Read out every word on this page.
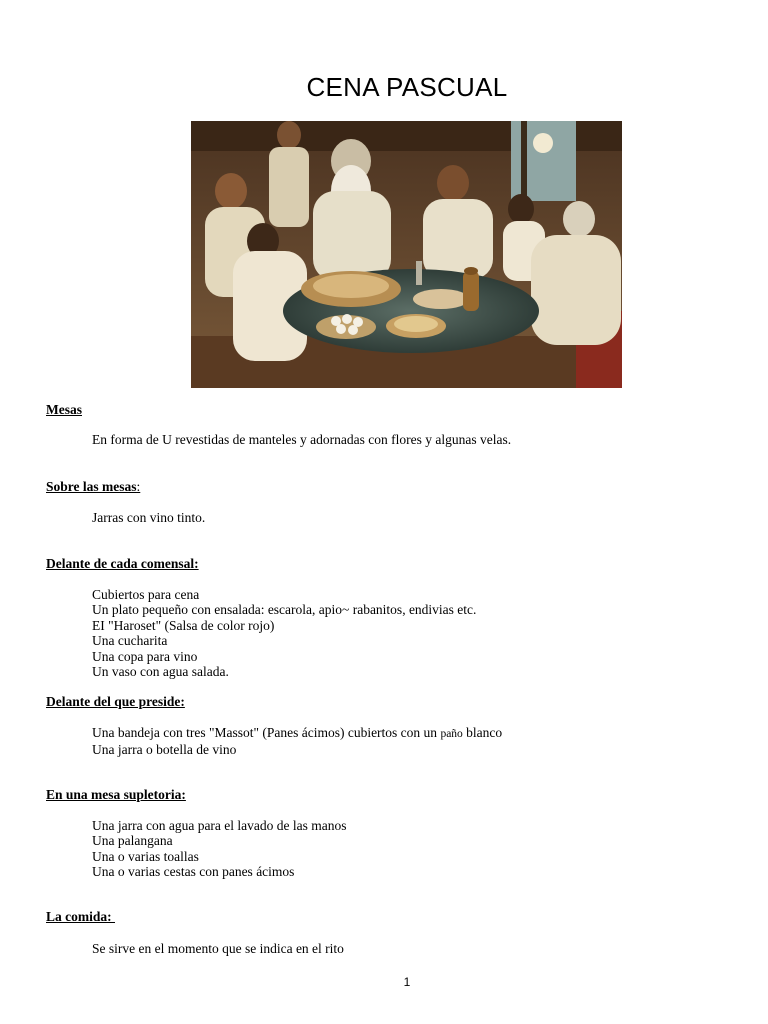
CENA PASCUAL
Mesas
En forma de U revestidas de manteles y adornadas con flores y algunas velas.
Sobre las mesas:
Jarras con vino tinto.
Delante de cada comensal:
Cubiertos para cena
Un plato pequeño con ensalada: escarola, apio~ rabanitos, endivias etc.
EI "Haroset" (Salsa de color rojo)
Una cucharita
Una copa para vino
Un vaso con agua salada.
Delante del que preside:
Una bandeja con tres "Massot" (Panes ácimos) cubiertos con un paño blanco
Una jarra o botella de vino
En una mesa supletoria:
Una jarra con agua para el lavado de las manos
Una palangana
Una o varias toallas
Una o varias cestas con panes ácimos
La comida:
Se sirve en el momento que se indica en el rito
1
